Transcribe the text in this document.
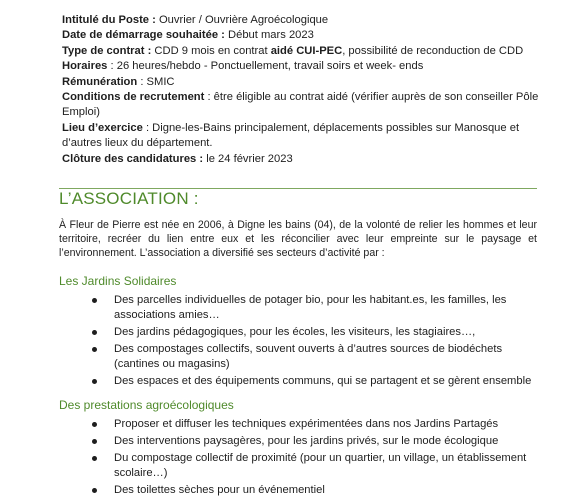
Intitulé du Poste : Ouvrier / Ouvrière Agroécologique

Date de démarrage souhaitée : Début mars 2023

Type de contrat : CDD 9 mois en contrat aidé CUI-PEC, possibilité de reconduction de CDD

Horaires : 26 heures/hebdo - Ponctuellement, travail soirs et week- ends

Rémunération : SMIC

Conditions de recrutement : être éligible au contrat aidé (vérifier auprès de son conseiller Pôle Emploi)

Lieu d’exercice : Digne-les-Bains principalement, déplacements possibles sur Manosque et d’autres lieux du département.

Clôture des candidatures : le 24 février 2023

L’ASSOCIATION :
À Fleur de Pierre est née en 2006, à Digne les bains (04), de la volonté de relier les hommes et leur territoire, recréer du lien entre eux et les réconcilier avec leur empreinte sur le paysage et l’environnement. L’association a diversifié ses secteurs d’activité par :
Les Jardins Solidaires
Des parcelles individuelles de potager bio, pour les habitant.es, les familles, les associations amies…
Des jardins pédagogiques, pour les écoles, les visiteurs, les stagiaires…,
Des compostages collectifs, souvent ouverts à d’autres sources de biodéchets (cantines ou magasins)
Des espaces et des équipements communs, qui se partagent et se gèrent ensemble
Des prestations agroécologiques
Proposer et diffuser les techniques expérimentées dans nos Jardins Partagés
Des interventions paysagères, pour les jardins privés, sur le mode écologique
Du compostage collectif de proximité (pour un quartier, un village, un établissement scolaire…)
Des toilettes sèches pour un événementiel
